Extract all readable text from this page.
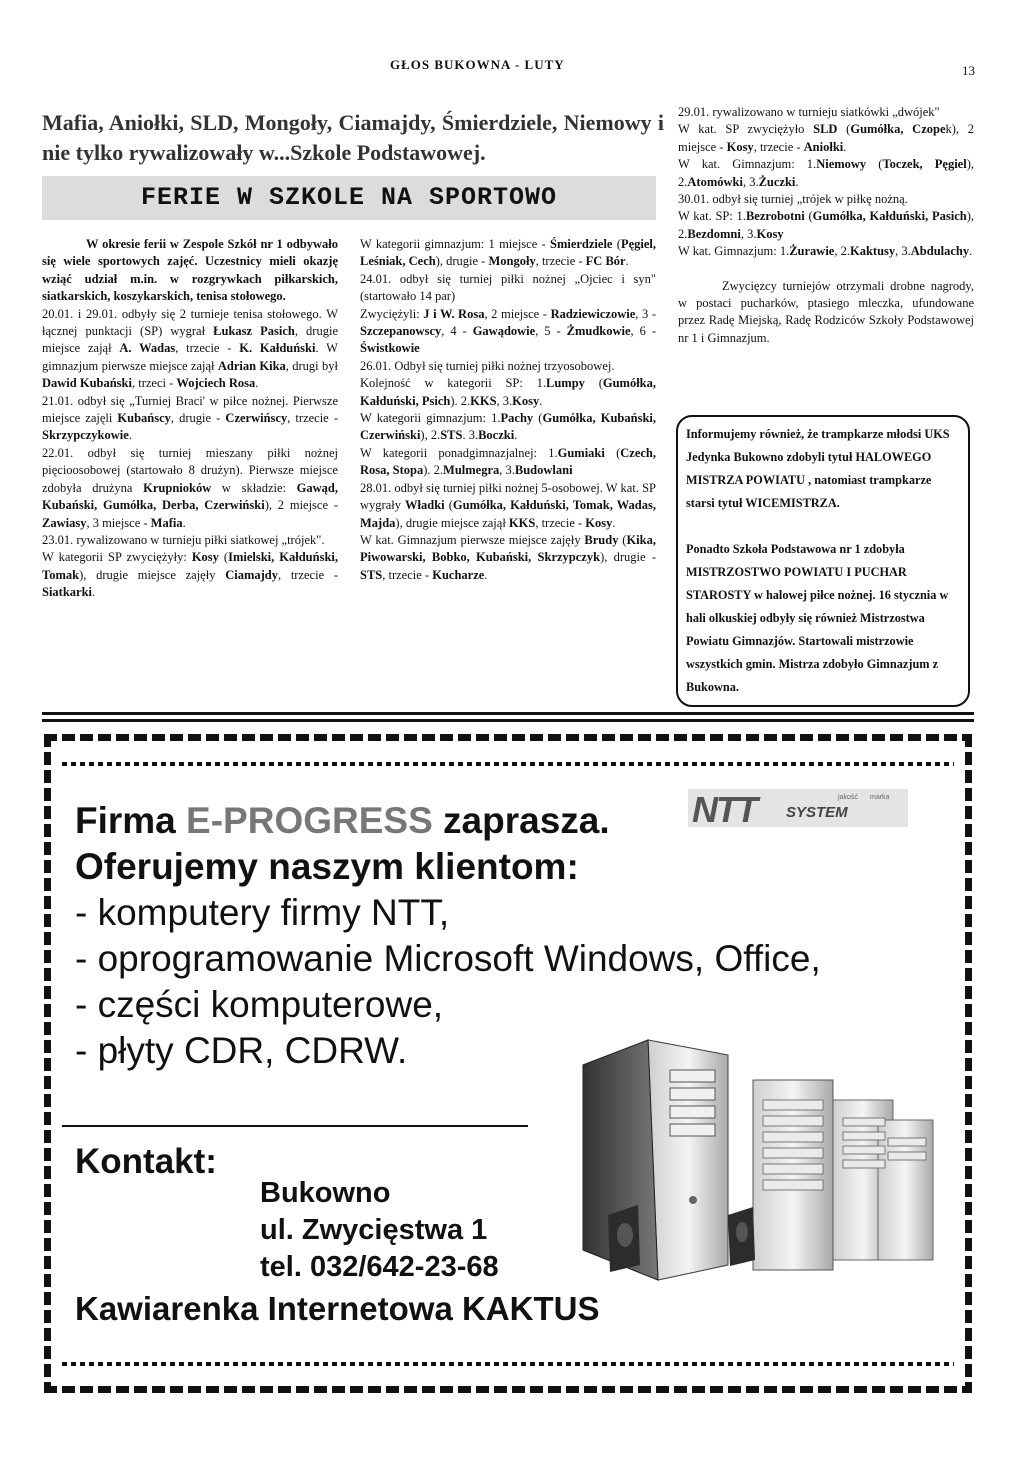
GŁOS BUKOWNA - LUTY	13
Mafia, Aniołki, SLD, Mongoły, Ciamajdy, Śmierdziele, Niemowy i nie tylko rywalizowały w...Szkole Podstawowej.
FERIE W SZKOLE NA SPORTOWO

W okresie ferii w Zespole Szkół nr 1 odbywało się wiele sportowych zajęć. Uczestnicy mieli okazję wziąć udział m.in. w rozgrywkach piłkarskich, siatkarskich, koszykarskich, tenisa stołowego.

20.01. i 29.01. odbyły się 2 turnieje tenisa stołowego. W łącznej punktacji (SP) wygrał Łukasz Pasich, drugie miejsce zajął A. Wadas, trzecie - K. Kałduński. W gimnazjum pierwsze miejsce zajął Adrian Kika, drugi był Dawid Kubański, trzeci - Wojciech Rosa.

21.01. odbył się „Turniej Braci' w piłce nożnej. Pierwsze miejsce zajęli Kubańscy, drugie - Czerwińscy, trzecie - Skrzypczykowie.

22.01. odbył się turniej mieszany piłki nożnej pięcioosobowej (startowało 8 drużyn). Pierwsze miejsce zdobyła drużyna Krupnioków w składzie: Gawąd, Kubański, Gumółka, Derba, Czerwiński), 2 miejsce - Zawiasy, 3 miejsce - Mafia.

23.01. rywalizowano w turnieju piłki siatkowej „trójek".

W kategorii SP zwyciężyły: Kosy (Imielski, Kałduński, Tomak), drugie miejsce zajęły Ciamajdy, trzecie - Siatkarki.

W kategorii gimnazjum: 1 miejsce - Śmierdziele (Pęgiel, Leśniak, Cech), drugie - Mongoły, trzecie - FC Bór.

24.01. odbył się turniej piłki nożnej „Ojciec i syn" (startowało 14 par)

Zwyciężyli: J i W. Rosa, 2 miejsce - Radziewiczowie, 3 - Szczepanowscy, 4 - Gawądowie, 5 - Żmudkowie, 6 - Świstkowie

26.01. Odbył się turniej piłki nożnej trzyosobowej.

Kolejność w kategorii SP: 1.Lumpy (Gumółka, Kałduński, Psich). 2.KKS, 3.Kosy.

W kategorii gimnazjum: 1.Pachy (Gumółka, Kubański, Czerwiński), 2.STS. 3.Boczki.

W kategorii ponadgimnazjalnej: 1.Gumiaki (Czech, Rosa, Stopa). 2.Mulmegra, 3.Budowlani

28.01. odbył się turniej piłki nożnej 5-osobowej. W kat. SP wygrały Władki (Gumółka, Kałduński, Tomak, Wadas, Majda), drugie miejsce zajął KKS, trzecie - Kosy.

W kat. Gimnazjum pierwsze miejsce zajęły Brudy (Kika, Piwowarski, Bobko, Kubański, Skrzypczyk), drugie - STS, trzecie - Kucharze.

29.01. rywalizowano w turnieju siatkówki „dwójek"

W kat. SP zwyciężyło SLD (Gumółka, Czopek), 2 miejsce - Kosy, trzecie - Aniołki.

W kat. Gimnazjum: 1.Niemowy (Toczek, Pęgiel), 2.Atomówki, 3.Żuczki.

30.01. odbył się turniej „trójek w piłkę nożną.

W kat. SP: 1.Bezrobotni (Gumółka, Kałduński, Pasich), 2.Bezdomni, 3.Kosy

W kat. Gimnazjum: 1.Żurawie, 2.Kaktusy, 3.Abdulachy.

Zwycięzcy turniejów otrzymali drobne nagrody, w postaci pucharków, ptasiego mleczka, ufundowane przez Radę Miejską, Radę Rodziców Szkoły Podstawowej nr 1 i Gimnazjum.

Informujemy również, że trampkarze młodsi UKS Jedynka Bukowno zdobyli tytuł HALOWEGO MISTRZA POWIATU , natomiast trampkarze starsi tytuł WICEMISTRZA.

Ponadto Szkoła Podstawowa nr 1 zdobyła MISTRZOSTWO POWIATU I PUCHAR STAROSTY w halowej piłce nożnej. 16 stycznia w hali olkuskiej odbyły się również Mistrzostwa Powiatu Gimnazjów. Startowali mistrzowie wszystkich gmin. Mistrza zdobyło Gimnazjum z Bukowna.

Firma E-PROGRESS zaprasza.
Oferujemy naszym klientom:
- komputery firmy NTT,
- oprogramowanie Microsoft Windows, Office,
- części komputerowe,
- płyty CDR, CDRW.
Kontakt:
Bukowno
ul. Zwycięstwa 1
tel. 032/642-23-68
Kawiarenka Internetowa KAKTUS
NTT	SYSTEM
jakość marka
